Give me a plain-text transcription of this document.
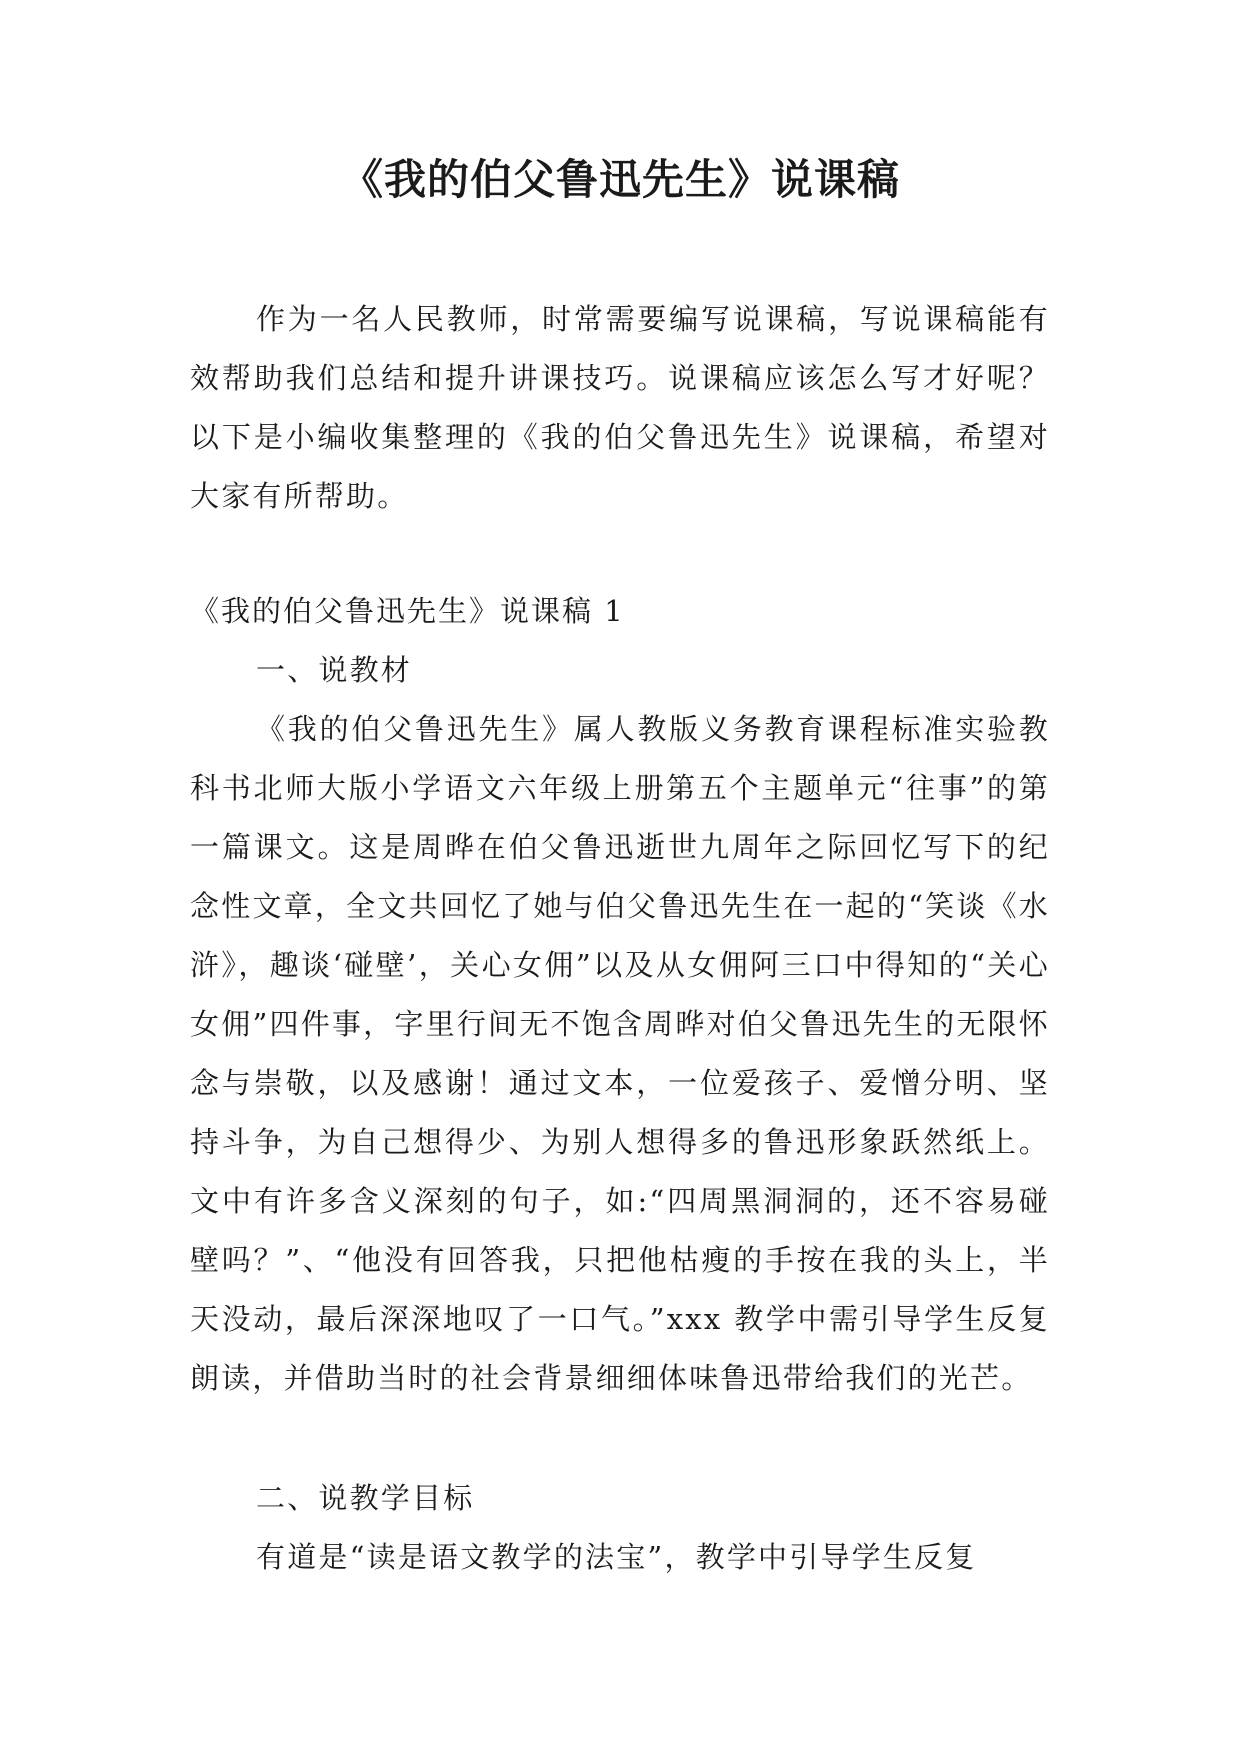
《我的伯父鲁迅先生》说课稿

作为一名人民教师，时常需要编写说课稿，写说课稿能有效帮助我们总结和提升讲课技巧。说课稿应该怎么写才好呢？以下是小编收集整理的《我的伯父鲁迅先生》说课稿，希望对大家有所帮助。

《我的伯父鲁迅先生》说课稿 1

一、说教材

《我的伯父鲁迅先生》属人教版义务教育课程标准实验教科书北师大版小学语文六年级上册第五个主题单元“往事”的第一篇课文。这是周晔在伯父鲁迅逝世九周年之际回忆写下的纪念性文章，全文共回忆了她与伯父鲁迅先生在一起的“笑谈《水浒》，趣谈‘碰壁’，关心女佣”以及从女佣阿三口中得知的“关心女佣”四件事，字里行间无不饱含周晔对伯父鲁迅先生的无限怀念与崇敬，以及感谢！通过文本，一位爱孩子、爱憎分明、坚持斗争，为自己想得少、为别人想得多的鲁迅形象跃然纸上。文中有许多含义深刻的句子，如:“四周黑洞洞的，还不容易碰壁吗？”、“他没有回答我，只把他枯瘦的手按在我的头上，半天没动，最后深深地叹了一口气。”xxx 教学中需引导学生反复朗读，并借助当时的社会背景细细体味鲁迅带给我们的光芒。

二、说教学目标

有道是“读是语文教学的法宝”，教学中引导学生反复
